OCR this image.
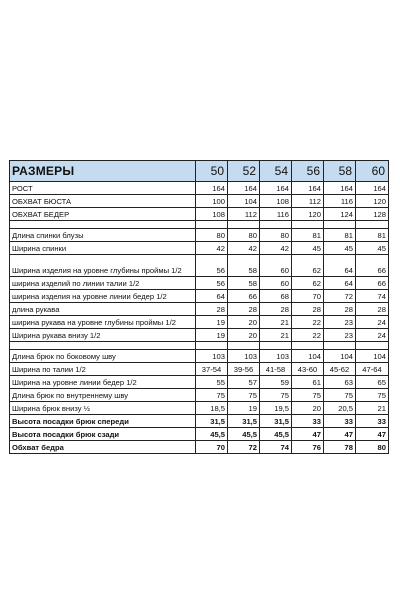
РАЗМЕРЫ	50	52	54	56	58	60
РОСТ	164	164	164	164	164	164
ОБХВАТ БЮСТА	100	104	108	112	116	120
ОБХВАТ БЕДЕР	108	112	116	120	124	128

Длина спинки блузы	80	80	80	81	81	81
Ширина спинки	42	42	42	45	45	45
Ширина изделия на уровне глубины проймы 1/2	56	58	60	62	64	66
ширина изделий по линии талии 1/2	56	58	60	62	64	66
ширина изделия на уровне линии бедер 1/2	64	66	68	70	72	74
длина рукава	28	28	28	28	28	28
ширина рукава на уровне глубины проймы 1/2	19	20	21	22	23	24
Ширина рукава внизу 1/2	19	20	21	22	23	24

Длина брюк по боковому шву	103	103	103	104	104	104
Ширина по талии 1/2	37-54	39-56	41-58	43-60	45-62	47-64
Ширина на уровне линии бедер 1/2	55	57	59	61	63	65
Длина брюк по внутреннему шву	75	75	75	75	75	75
Ширина брюк внизу ½	18,5	19	19,5	20	20,5	21
Высота посадки брюк спереди	31,5	31,5	31,5	33	33	33
Высота посадки брюк сзади	45,5	45,5	45,5	47	47	47
Обхват бедра	70	72	74	76	78	80
